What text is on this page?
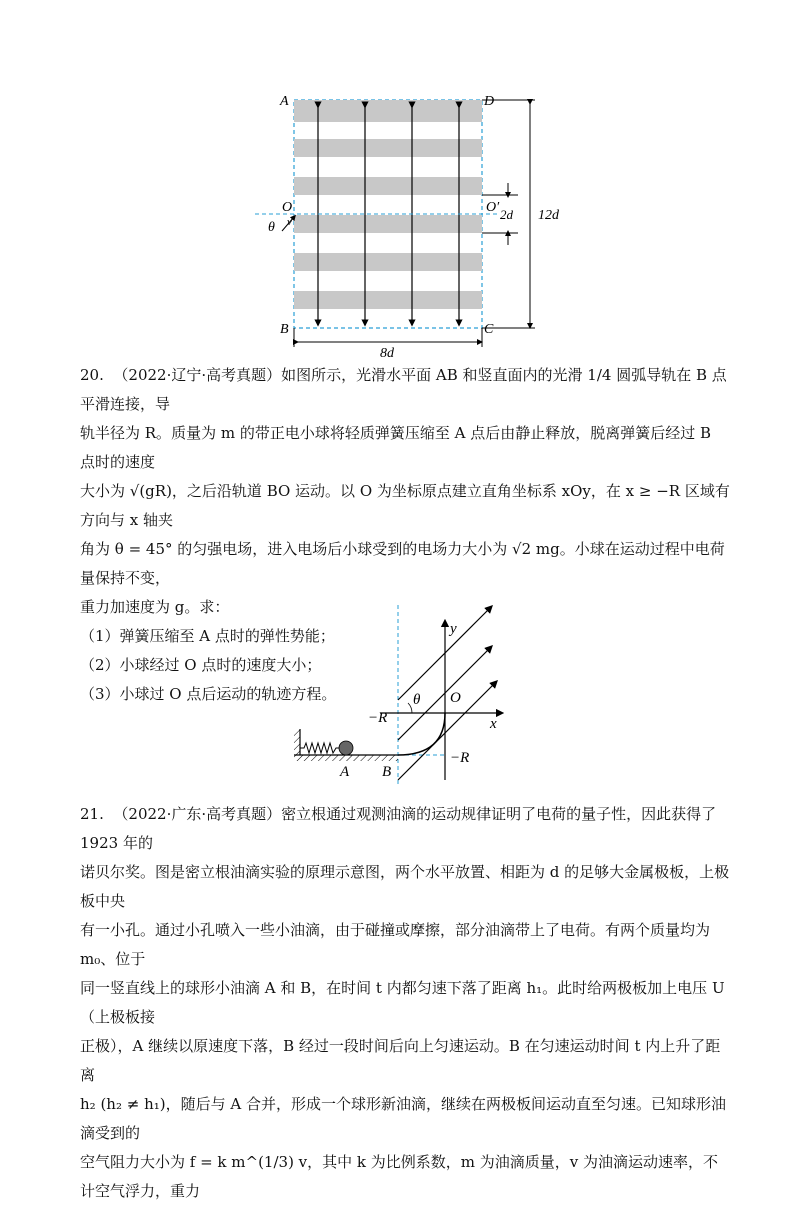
A	D
B	C
O	O′
θ v	2d 12d
8d

20. （2022·辽宁·高考真题）如图所示，光滑水平面 AB 和竖直面内的光滑 1/4 圆弧导轨在 B 点平滑连接，导

轨半径为 R。质量为 m 的带正电小球将轻质弹簧压缩至 A 点后由静止释放，脱离弹簧后经过 B 点时的速度

大小为 √(gR)，之后沿轨道 BO 运动。以 O 为坐标原点建立直角坐标系 xOy，在 x ≥ −R 区域有方向与 x 轴夹

角为 θ = 45° 的匀强电场，进入电场后小球受到的电场力大小为 √2 mg。小球在运动过程中电荷量保持不变，

重力加速度为 g。求：

（1）弹簧压缩至 A 点时的弹性势能；

（2）小球经过 O 点时的速度大小；

（3）小球过 O 点后运动的轨迹方程。

y
x
O
θ
−R
−R
A B

21. （2022·广东·高考真题）密立根通过观测油滴的运动规律证明了电荷的量子性，因此获得了 1923 年的

诺贝尔奖。图是密立根油滴实验的原理示意图，两个水平放置、相距为 d 的足够大金属极板，上极板中央

有一小孔。通过小孔喷入一些小油滴，由于碰撞或摩擦，部分油滴带上了电荷。有两个质量均为 m₀、位于

同一竖直线上的球形小油滴 A 和 B，在时间 t 内都匀速下落了距离 h₁。此时给两极板加上电压 U（上极板接

正极），A 继续以原速度下落，B 经过一段时间后向上匀速运动。B 在匀速运动时间 t 内上升了距离

h₂ (h₂ ≠ h₁)，随后与 A 合并，形成一个球形新油滴，继续在两极板间运动直至匀速。已知球形油滴受到的

空气阻力大小为 f = k m^(1/3) v，其中 k 为比例系数，m 为油滴质量，v 为油滴运动速率，不计空气浮力，重力
